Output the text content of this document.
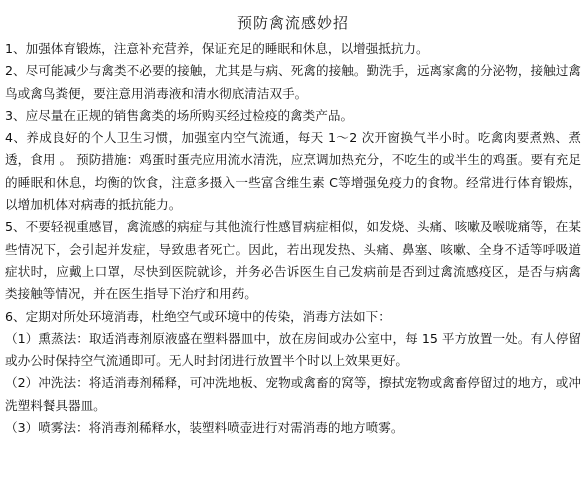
预防禽流感妙招

1、加强体育锻炼，注意补充营养，保证充足的睡眠和休息，以增强抵抗力。

2、尽可能减少与禽类不必要的接触，尤其是与病、死禽的接触。勤洗手，远离家禽的分泌物，接触过禽鸟或禽鸟粪便，要注意用消毒液和清水彻底清洁双手。

3、应尽量在正规的销售禽类的场所购买经过检疫的禽类产品。

4、养成良好的个人卫生习惯，加强室内空气流通，每天 1～2 次开窗换气半小时。吃禽肉要煮熟、煮透，食用 。 预防措施：鸡蛋时蛋壳应用流水清洗，应烹调加热充分，不吃生的或半生的鸡蛋。要有充足的睡眠和休息，均衡的饮食，注意多摄入一些富含维生素 C等增强免疫力的食物。经常进行体育锻炼，以增加机体对病毒的抵抗能力。

5、不要轻视重感冒，禽流感的病症与其他流行性感冒病症相似，如发烧、头痛、咳嗽及喉咙痛等，在某些情况下，会引起并发症，导致患者死亡。因此，若出现发热、头痛、鼻塞、咳嗽、全身不适等呼吸道症状时，应戴上口罩，尽快到医院就诊，并务必告诉医生自己发病前是否到过禽流感疫区，是否与病禽类接触等情况，并在医生指导下治疗和用药。

6、定期对所处环境消毒，杜绝空气或环境中的传染，消毒方法如下：

（1）熏蒸法：取适消毒剂原液盛在塑料器皿中，放在房间或办公室中，每 15 平方放置一处。有人停留或办公时保持空气流通即可。无人时封闭进行放置半个时以上效果更好。

（2）冲洗法：将适消毒剂稀释，可冲洗地板、宠物或禽畜的窝等，擦拭宠物或禽畜停留过的地方，或冲洗塑料餐具器皿。

（3）喷雾法：将消毒剂稀释水，装塑料喷壶进行对需消毒的地方喷雾。
